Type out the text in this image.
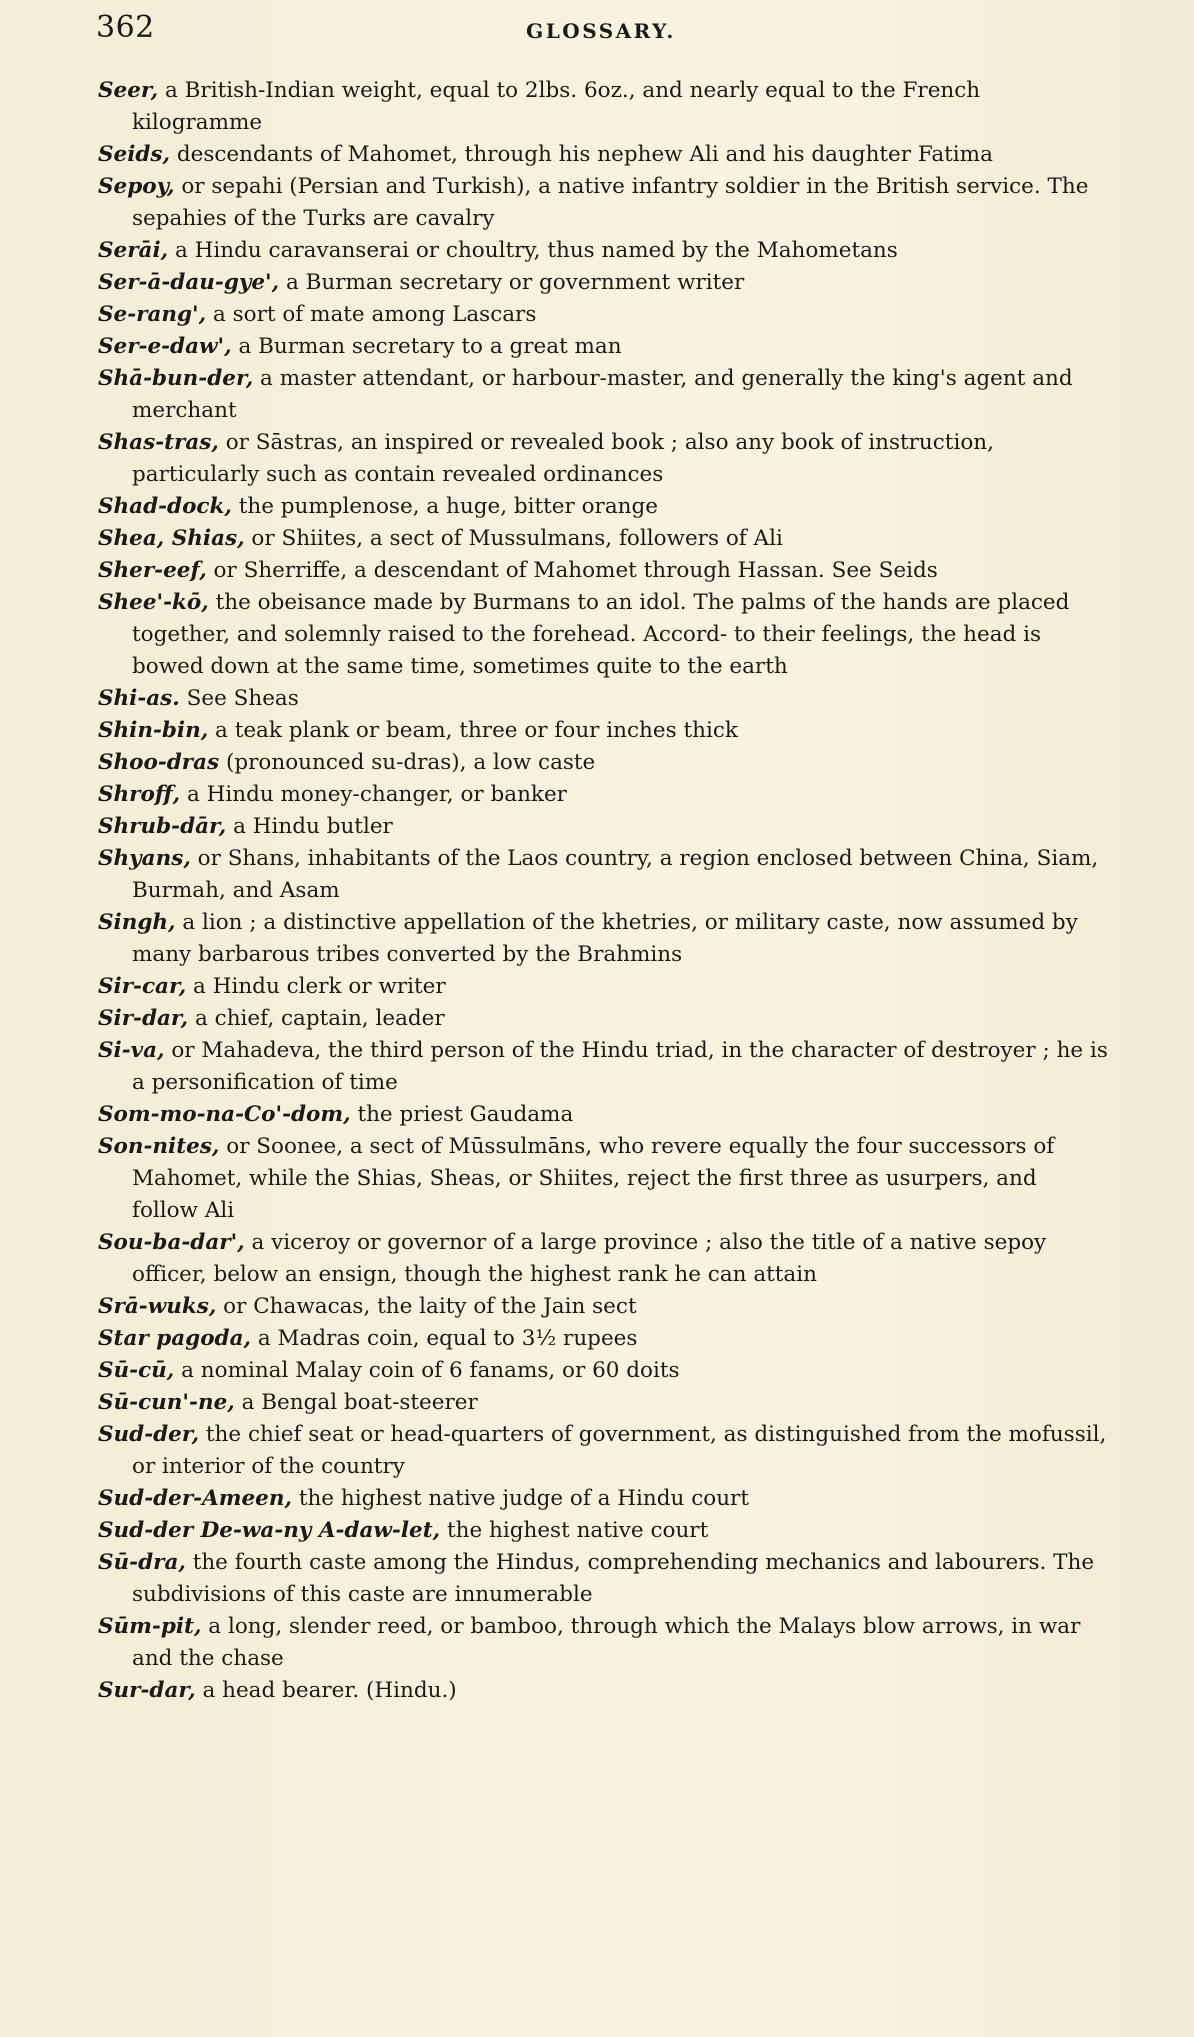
362	GLOSSARY.

Seer, a British-Indian weight, equal to 2lbs. 6oz., and nearly equal to the French kilogramme

Seids, descendants of Mahomet, through his nephew Ali and his daughter Fatima

Sepoy, or sepahi (Persian and Turkish), a native infantry soldier in the British service. The sepahies of the Turks are cavalry

Serāi, a Hindu caravanserai or choultry, thus named by the Mahometans

Ser-ā-dau-gye', a Burman secretary or government writer

Se-rang', a sort of mate among Lascars

Ser-e-daw', a Burman secretary to a great man

Shā-bun-der, a master attendant, or harbour-master, and generally the king's agent and merchant

Shas-tras, or Sāstras, an inspired or revealed book ; also any book of instruction, particularly such as contain revealed ordinances

Shad-dock, the pumplenose, a huge, bitter orange

Shea, Shias, or Shiites, a sect of Mussulmans, followers of Ali

Sher-eef, or Sherriffe, a descendant of Mahomet through Hassan. See Seids

Shee'-kō, the obeisance made by Burmans to an idol. The palms of the hands are placed together, and solemnly raised to the forehead. Accord- to their feelings, the head is bowed down at the same time, sometimes quite to the earth

Shi-as. See Sheas

Shin-bin, a teak plank or beam, three or four inches thick

Shoo-dras (pronounced su-dras), a low caste

Shroff, a Hindu money-changer, or banker

Shrub-dār, a Hindu butler

Shyans, or Shans, inhabitants of the Laos country, a region enclosed between China, Siam, Burmah, and Asam

Singh, a lion ; a distinctive appellation of the khetries, or military caste, now assumed by many barbarous tribes converted by the Brahmins

Sir-car, a Hindu clerk or writer

Sir-dar, a chief, captain, leader

Si-va, or Mahadeva, the third person of the Hindu triad, in the character of destroyer ; he is a personification of time

Som-mo-na-Co'-dom, the priest Gaudama

Son-nites, or Soonee, a sect of Mūssulmāns, who revere equally the four successors of Mahomet, while the Shias, Sheas, or Shiites, reject the first three as usurpers, and follow Ali

Sou-ba-dar', a viceroy or governor of a large province ; also the title of a native sepoy officer, below an ensign, though the highest rank he can attain

Srā-wuks, or Chawacas, the laity of the Jain sect

Star pagoda, a Madras coin, equal to 3½ rupees

Sū-cū, a nominal Malay coin of 6 fanams, or 60 doits

Sū-cun'-ne, a Bengal boat-steerer

Sud-der, the chief seat or head-quarters of government, as distinguished from the mofussil, or interior of the country

Sud-der-Ameen, the highest native judge of a Hindu court

Sud-der De-wa-ny A-daw-let, the highest native court

Sū-dra, the fourth caste among the Hindus, comprehending mechanics and labourers. The subdivisions of this caste are innumerable

Sūm-pit, a long, slender reed, or bamboo, through which the Malays blow arrows, in war and the chase

Sur-dar, a head bearer. (Hindu.)
